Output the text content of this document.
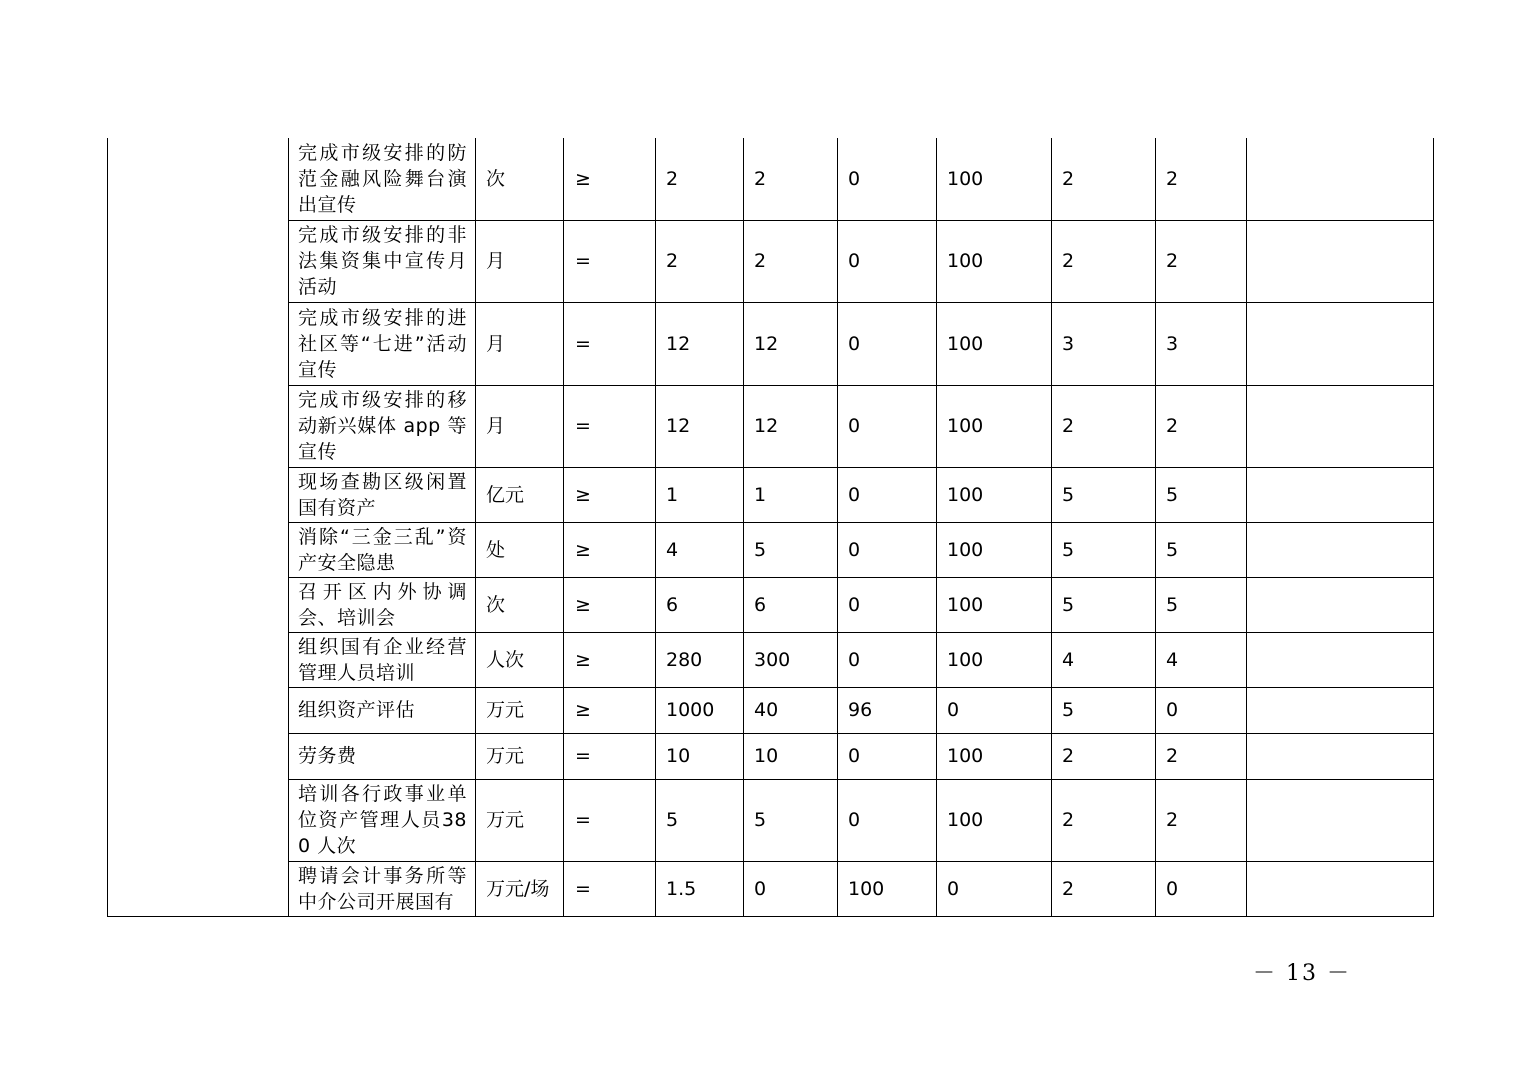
	完成市级安排的防范金融风险舞台演出宣传	次	≥	2	2	0	100	2	2	
	完成市级安排的非法集资集中宣传月活动	月	=	2	2	0	100	2	2	
	完成市级安排的进社区等“七进”活动宣传	月	=	12	12	0	100	3	3	
	完成市级安排的移动新兴媒体 app 等宣传	月	=	12	12	0	100	2	2	
	现场查勘区级闲置国有资产	亿元	≥	1	1	0	100	5	5	
	消除“三金三乱”资产安全隐患	处	≥	4	5	0	100	5	5	
	召开区内外协调会、培训会	次	≥	6	6	0	100	5	5	
	组织国有企业经营管理人员培训	人次	≥	280	300	0	100	4	4	
	组织资产评估	万元	≥	1000	40	96	0	5	0	
	劳务费	万元	=	10	10	0	100	2	2	
	培训各行政事业单位资产管理人员380 人次	万元	=	5	5	0	100	2	2	
	聘请会计事务所等中介公司开展国有	万元/场	=	1.5	0	100	0	2	0	
－ 13 －
